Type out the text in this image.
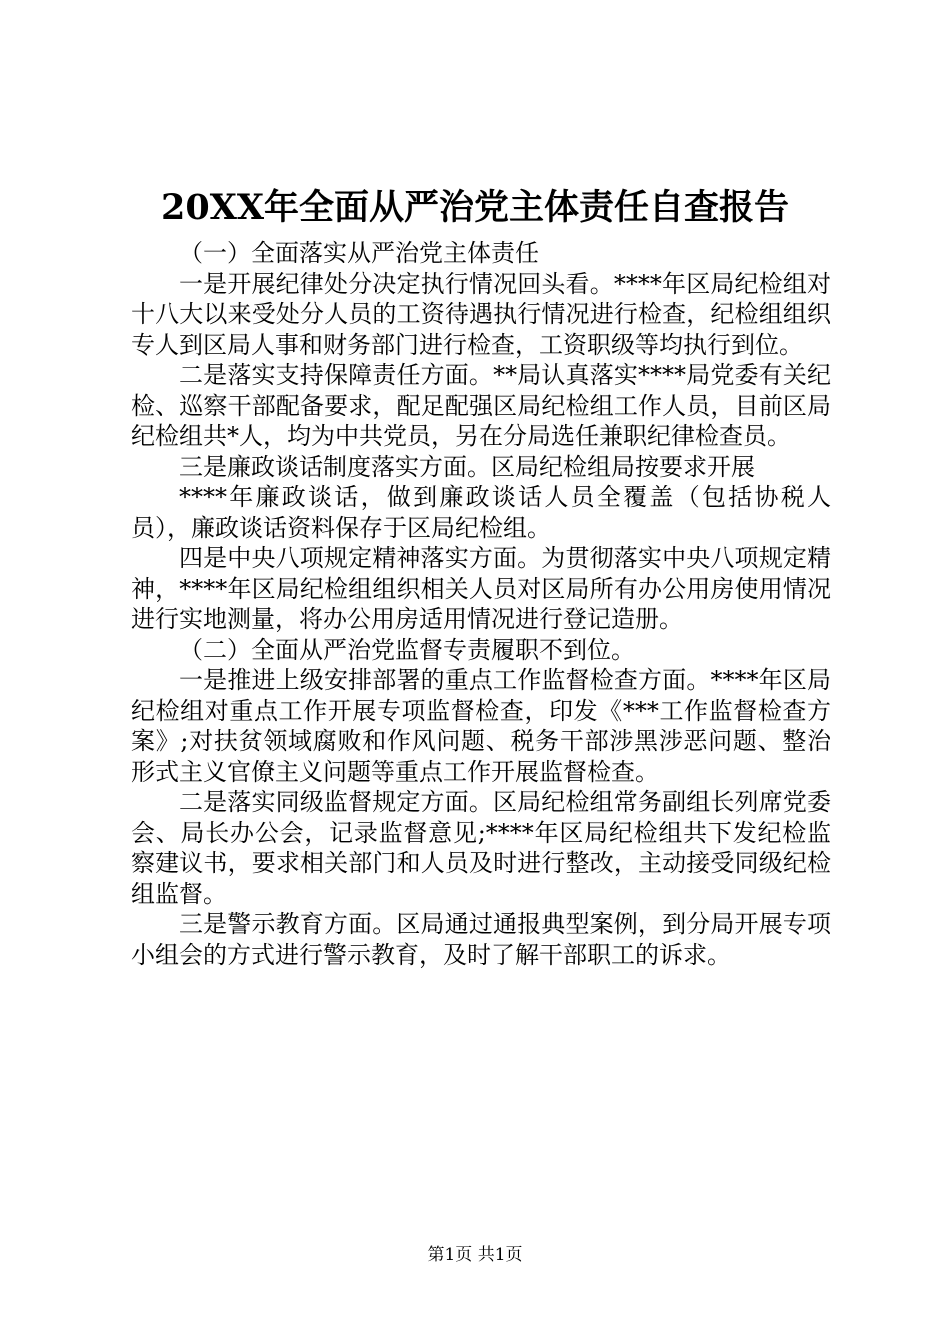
20XX年全面从严治党主体责任自查报告

（一）全面落实从严治党主体责任

一是开展纪律处分决定执行情况回头看。****年区局纪检组对十八大以来受处分人员的工资待遇执行情况进行检查，纪检组组织专人到区局人事和财务部门进行检查，工资职级等均执行到位。

二是落实支持保障责任方面。**局认真落实****局党委有关纪检、巡察干部配备要求，配足配强区局纪检组工作人员，目前区局纪检组共*人，均为中共党员，另在分局选任兼职纪律检查员。

三是廉政谈话制度落实方面。区局纪检组局按要求开展

****年廉政谈话，做到廉政谈话人员全覆盖（包括协税人员），廉政谈话资料保存于区局纪检组。

四是中央八项规定精神落实方面。为贯彻落实中央八项规定精神，****年区局纪检组组织相关人员对区局所有办公用房使用情况进行实地测量，将办公用房适用情况进行登记造册。

（二）全面从严治党监督专责履职不到位。

一是推进上级安排部署的重点工作监督检查方面。****年区局纪检组对重点工作开展专项监督检查，印发《***工作监督检查方案》;对扶贫领域腐败和作风问题、税务干部涉黑涉恶问题、整治形式主义官僚主义问题等重点工作开展监督检查。

二是落实同级监督规定方面。区局纪检组常务副组长列席党委会、局长办公会，记录监督意见;****年区局纪检组共下发纪检监察建议书，要求相关部门和人员及时进行整改，主动接受同级纪检组监督。

三是警示教育方面。区局通过通报典型案例，到分局开展专项小组会的方式进行警示教育，及时了解干部职工的诉求。

第1页 共1页
